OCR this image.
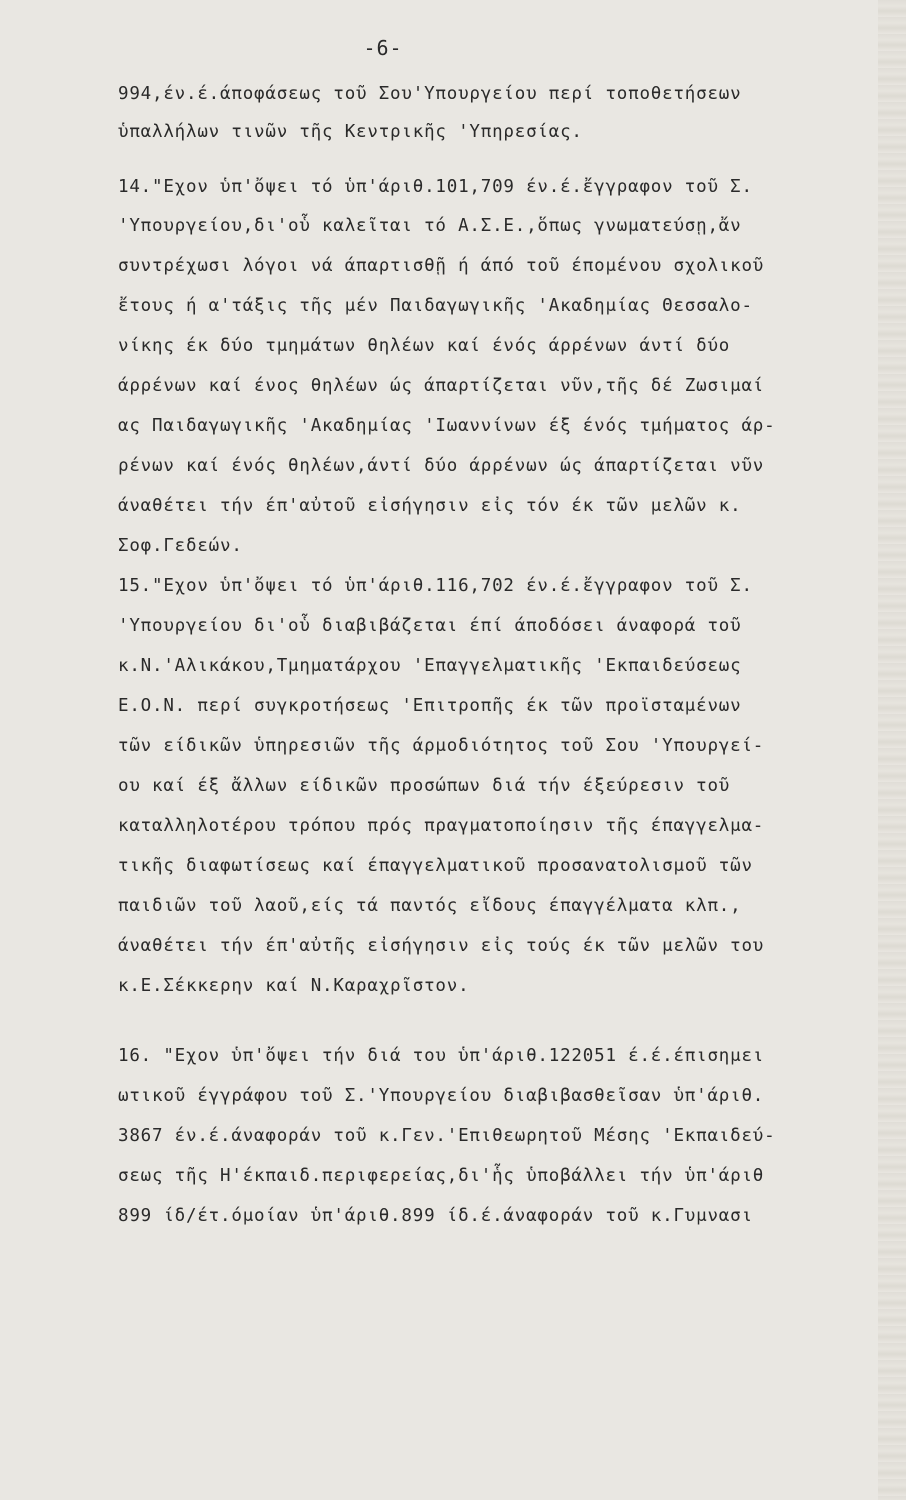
-6-
994,έν.έ.άποφάσεως τοῦ Σου'Υπουργείου περί τοποθετήσεων
ὑπαλλήλων τινῶν τῆς Κεντρικῆς 'Υπηρεσίας.
14."Εχον ὑπ'ὄψει τό ὑπ'άριθ.101,709 έν.έ.ἔγγραφον τοῦ Σ.
'Υπουργείου,δι'οὗ καλεῖται τό Α.Σ.Ε.,ὅπως γνωματεύσῃ,ἄν
συντρέχωσι λόγοι νά άπαρτισθῇ ή άπό τοῦ έπομένου σχολικοῦ
ἔτους ή α'τάξις τῆς μέν Παιδαγωγικῆς 'Ακαδημίας Θεσσαλο-
νίκης έκ δύο τμημάτων θηλέων καί ένός άρρένων άντί δύο
άρρένων καί ένος θηλέων ώς άπαρτίζεται νῦν,τῆς δέ Ζωσιμαί
ας Παιδαγωγικῆς 'Ακαδημίας 'Ιωαννίνων έξ ένός τμήματος άρ-
ρένων καί ένός θηλέων,άντί δύο άρρένων ώς άπαρτίζεται νῦν
άναθέτει τήν έπ'αὐτοῦ εἰσήγησιν εἰς τόν έκ τῶν μελῶν κ.
Σοφ.Γεδεών.
15."Εχον ὑπ'ὄψει τό ὑπ'άριθ.116,702 έν.έ.ἔγγραφον τοῦ Σ.
'Υπουργείου δι'οὗ διαβιβάζεται έπί άποδόσει άναφορά τοῦ
κ.Ν.'Αλικάκου,Τμηματάρχου 'Επαγγελματικῆς 'Εκπαιδεύσεως
Ε.Ο.Ν. περί συγκροτήσεως 'Επιτροπῆς έκ τῶν προϊσταμένων
τῶν είδικῶν ὑπηρεσιῶν τῆς άρμοδιότητος τοῦ Σου 'Υπουργεί-
ου καί έξ ἄλλων είδικῶν προσώπων διά τήν έξεύρεσιν τοῦ
καταλληλοτέρου τρόπου πρός πραγματοποίησιν τῆς έπαγγελμα-
τικῆς διαφωτίσεως καί έπαγγελματικοῦ προσανατολισμοῦ τῶν
παιδιῶν τοῦ λαοῦ,είς τά παντός εἴδους έπαγγέλματα κλπ.,
άναθέτει τήν έπ'αὐτῆς εἰσήγησιν εἰς τούς έκ τῶν μελῶν του
κ.Ε.Σέκκερην καί Ν.Καραχρῖστον.
16. "Εχον ὑπ'ὄψει τήν διά του ὑπ'άριθ.122051 έ.έ.έπισημει
ωτικοῦ έγγράφου τοῦ Σ.'Υπουργείου διαβιβασθεῖσαν ὑπ'άριθ.
3867 έν.έ.άναφοράν τοῦ κ.Γεν.'Επιθεωρητοῦ Μέσης 'Εκπαιδεύ-
σεως τῆς Η'έκπαιδ.περιφερείας,δι'ἧς ὑποβάλλει τήν ὑπ'άριθ
899 ίδ/έτ.όμοίαν ὑπ'άριθ.899 ίδ.έ.άναφοράν τοῦ κ.Γυμνασι
